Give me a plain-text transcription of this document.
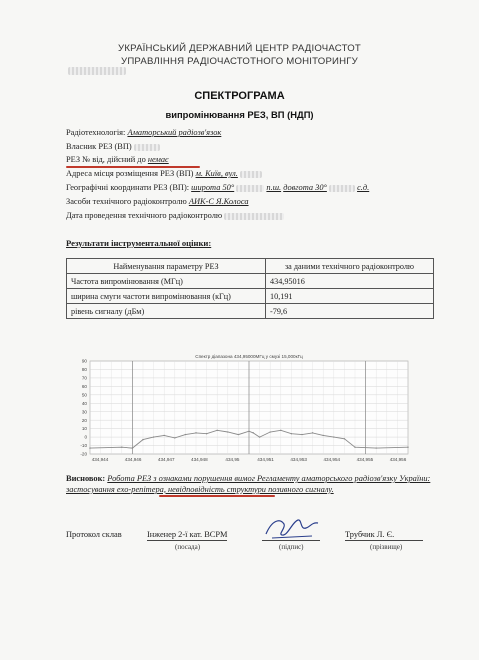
УКРАЇНСЬКИЙ ДЕРЖАВНИЙ ЦЕНТР РАДІОЧАСТОТ
УПРАВЛІННЯ РАДІОЧАСТОТНОГО МОНІТОРИНГУ
СПЕКТРОГРАМА
випромінювання РЕЗ, ВП (НДП)
Радіотехнологія: Аматорський радіозв'язок
Власник РЕЗ (ВП)
РЕЗ № від, дійсний до немає
Адреса місця розміщення РЕЗ (ВП) м. Київ, вул.
Географічні координати РЕЗ (ВП): широта 50°	п.ш. довгота 30°	с.д.
Засоби технічного радіоконтролю АИК-С Я.Колоса
Дата проведення технічного радіоконтролю
Результати інструментальної оцінки:
Найменування параметру РЕЗ	за даними технічного радіоконтролю
Частота випромінювання (МГц)	434,95016
ширина смуги частоти випромінювання (кГц)	10,191
рівень сигналу (дБм)	-79,6
Спектр діапазона 434,95000МГц у смузі 15,000кГц
90
80
70
60
50
40
30
20
10
0
-10
-20
434,944	434,946	434,947	434,948	434,95	434,951	434,953	434,954	434,955	434,956
Висновок: Робота РЕЗ з ознаками порушення вимог Регламенту аматорського радіозв'язку України: застосування еxо-репітера, невідповідність структури позивного сигналу.
Протокол склав	Інженер 2-ї кат. ВСРМ
(посада)	(підпис)
Трубчик Л. Є.
(прізвище)
